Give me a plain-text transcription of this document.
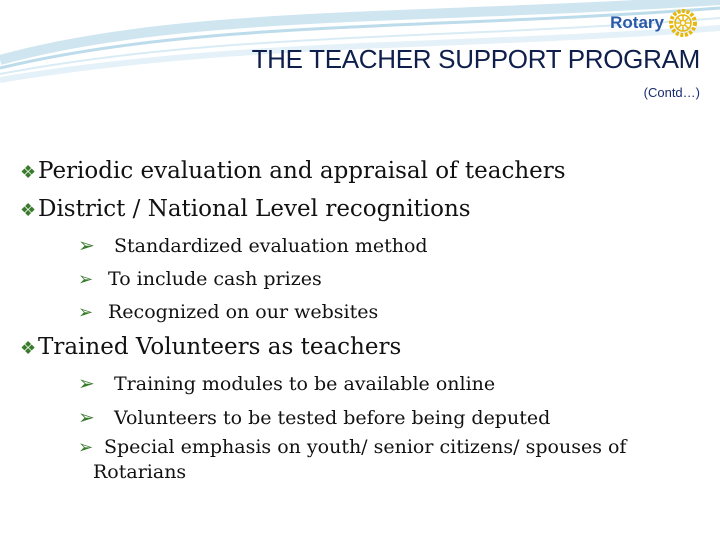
Rotary
THE TEACHER SUPPORT PROGRAM
(Contd…)
❖ Periodic evaluation and appraisal of teachers
❖ District / National Level recognitions
➢	Standardized evaluation method
➢ To include cash prizes
➢ Recognized on our websites
❖ Trained Volunteers as teachers
➢	Training modules to be available online
➢	Volunteers to be tested before being deputed
➢ Special emphasis on youth/ senior citizens/ spouses of
Rotarians
